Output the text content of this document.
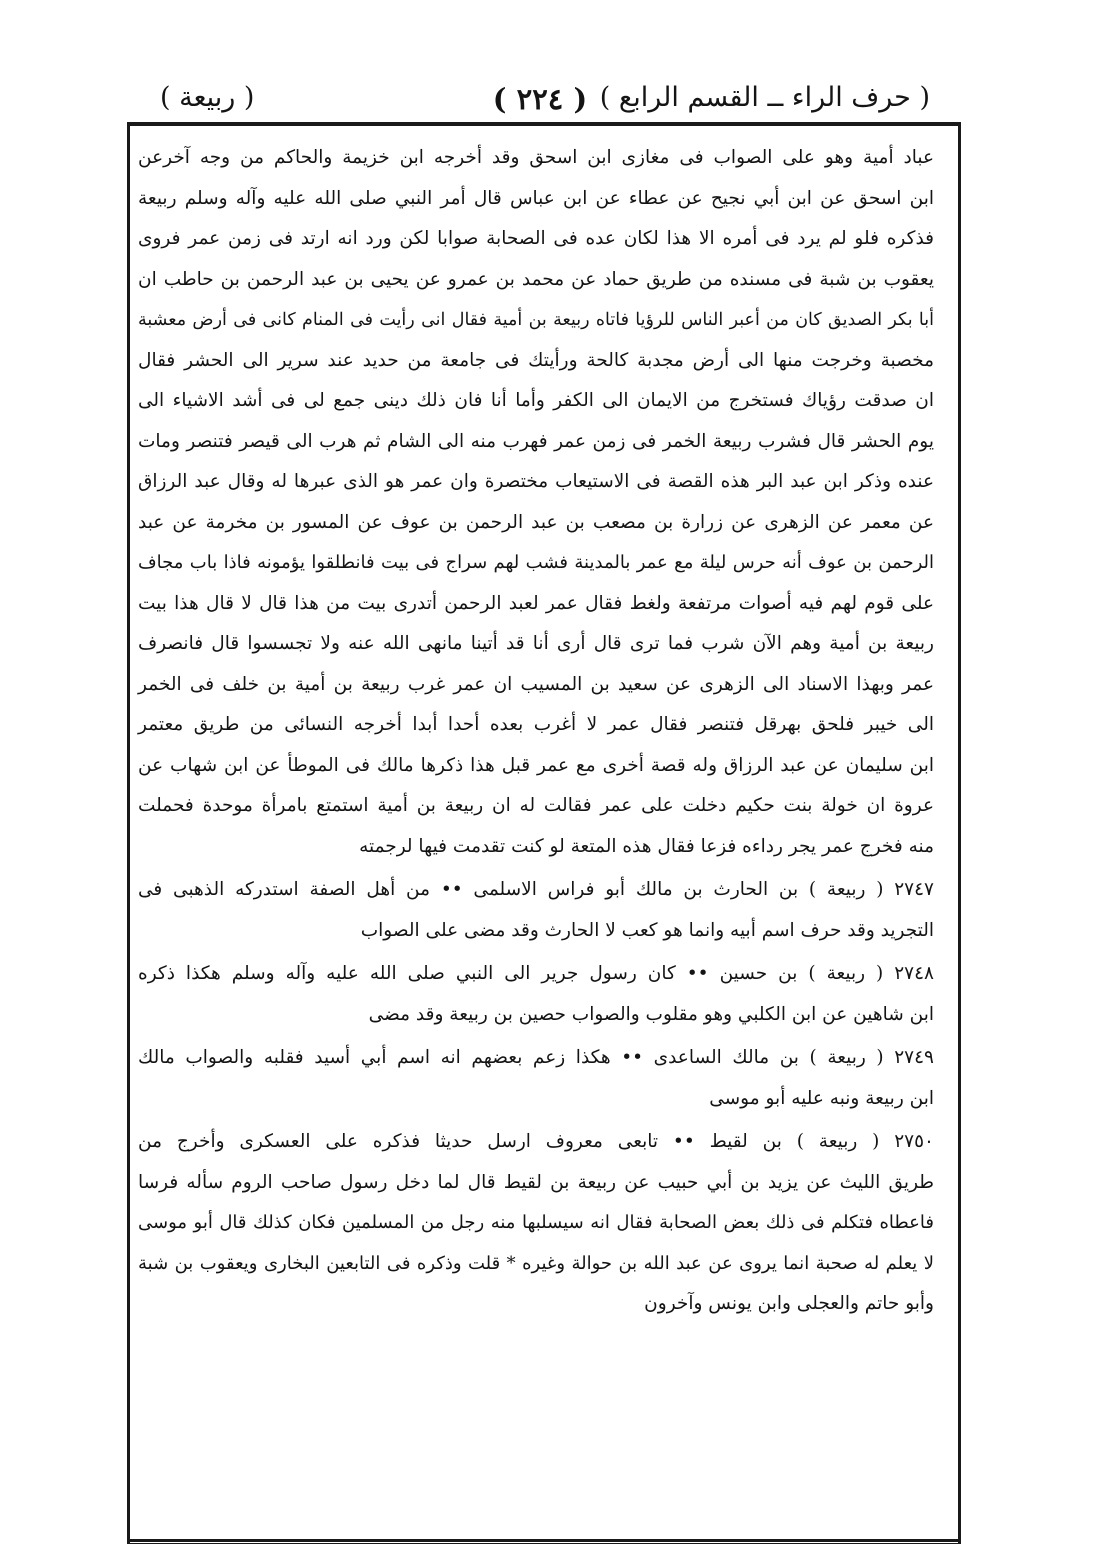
( حرف الراء ــ القسم الرابع )
( ٢٢٤ )
( ربيعة )
عباد أمية وهو على الصواب فى مغازى ابن اسحق وقد أخرجه ابن خزيمة والحاكم من وجه آخرعن
ابن اسحق عن ابن أبي نجيح عن عطاء عن ابن عباس قال أمر النبي صلى الله عليه وآله وسلم ربيعة
فذكره فلو لم يرد فى أمره الا هذا لكان عده فى الصحابة صوابا لكن ورد انه ارتد فى زمن عمر فروى
يعقوب بن شبة فى مسنده من طريق حماد عن محمد بن عمرو عن يحيى بن عبد الرحمن بن حاطب ان
أبا بكر الصديق كان من أعبر الناس للرؤيا فاتاه ربيعة بن أمية فقال انى رأيت فى المنام كانى فى أرض معشبة
مخصبة وخرجت منها الى أرض مجدبة كالحة ورأيتك فى جامعة من حديد عند سرير الى الحشر فقال
ان صدقت رؤياك فستخرج من الايمان الى الكفر وأما أنا فان ذلك دينى جمع لى فى أشد الاشياء الى
يوم الحشر قال فشرب ربيعة الخمر فى زمن عمر فهرب منه الى الشام ثم هرب الى قيصر فتنصر ومات
عنده وذكر ابن عبد البر هذه القصة فى الاستيعاب مختصرة وان عمر هو الذى عبرها له وقال عبد الرزاق
عن معمر عن الزهرى عن زرارة بن مصعب بن عبد الرحمن بن عوف عن المسور بن مخرمة عن عبد
الرحمن بن عوف أنه حرس ليلة مع عمر بالمدينة فشب لهم سراج فى بيت فانطلقوا يؤمونه فاذا باب مجاف
على قوم لهم فيه أصوات مرتفعة ولغط فقال عمر لعبد الرحمن أتدرى بيت من هذا قال لا قال هذا بيت
ربيعة بن أمية وهم الآن شرب فما ترى قال أرى أنا قد أتينا مانهى الله عنه ولا تجسسوا قال فانصرف
عمر وبهذا الاسناد الى الزهرى عن سعيد بن المسيب ان عمر غرب ربيعة بن أمية بن خلف فى الخمر
الى خيبر فلحق بهرقل فتنصر فقال عمر لا أغرب بعده أحدا أبدا أخرجه النسائى من طريق معتمر
ابن سليمان عن عبد الرزاق وله قصة أخرى مع عمر قبل هذا ذكرها مالك فى الموطأ عن ابن شهاب عن
عروة ان خولة بنت حكيم دخلت على عمر فقالت له ان ربيعة بن أمية استمتع بامرأة موحدة فحملت
منه فخرج عمر يجر رداءه فزعا فقال هذه المتعة لو كنت تقدمت فيها لرجمته
٢٧٤٧ ( ربيعة ) بن الحارث بن مالك أبو فراس الاسلمى •• من أهل الصفة استدركه الذهبى فى
التجريد وقد حرف اسم أبيه وانما هو كعب لا الحارث وقد مضى على الصواب
٢٧٤٨ ( ربيعة ) بن حسين •• كان رسول جرير الى النبي صلى الله عليه وآله وسلم هكذا ذكره
ابن شاهين عن ابن الكلبي وهو مقلوب والصواب حصين بن ربيعة وقد مضى
٢٧٤٩ ( ربيعة ) بن مالك الساعدى •• هكذا زعم بعضهم انه اسم أبي أسيد فقلبه والصواب مالك
ابن ربيعة ونبه عليه أبو موسى
٢٧٥٠ ( ربيعة ) بن لقيط •• تابعى معروف ارسل حديثا فذكره على العسكرى وأخرج من
طريق الليث عن يزيد بن أبي حبيب عن ربيعة بن لقيط قال لما دخل رسول صاحب الروم سأله فرسا
فاعطاه فتكلم فى ذلك بعض الصحابة فقال انه سيسلبها منه رجل من المسلمين فكان كذلك قال أبو موسى
لا يعلم له صحبة انما يروى عن عبد الله بن حوالة وغيره * قلت وذكره فى التابعين البخارى ويعقوب بن شبة
وأبو حاتم والعجلى وابن يونس وآخرون
